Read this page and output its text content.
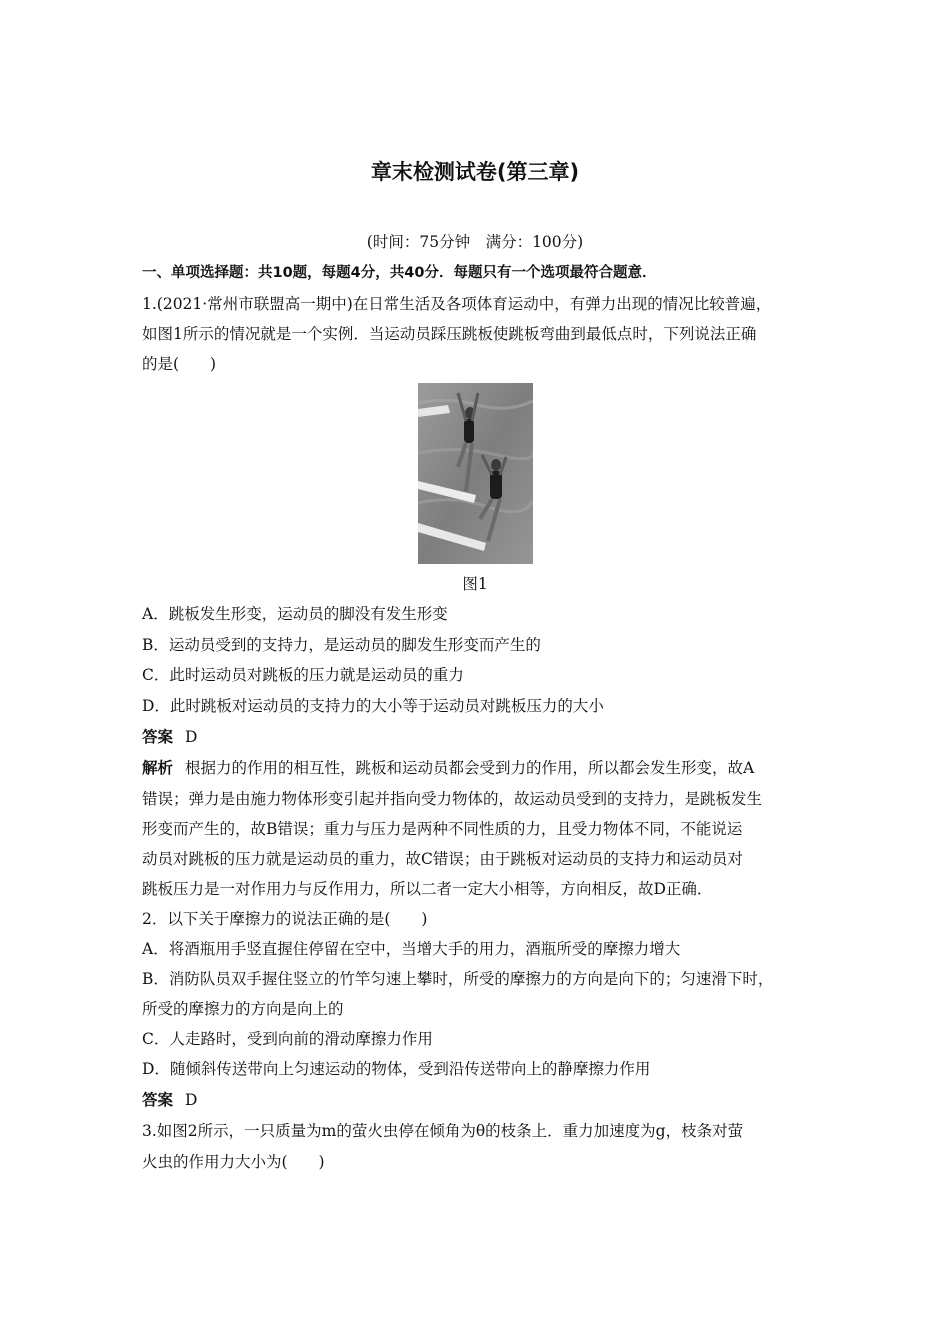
章末检测试卷(第三章)
(时间：75分钟　满分：100分)
一、单项选择题：共10题，每题4分，共40分．每题只有一个选项最符合题意．
1.(2021·常州市联盟高一期中)在日常生活及各项体育运动中，有弹力出现的情况比较普遍，
如图1所示的情况就是一个实例．当运动员踩压跳板使跳板弯曲到最低点时，下列说法正确
的是(　　)
图1
A．跳板发生形变，运动员的脚没有发生形变
B．运动员受到的支持力，是运动员的脚发生形变而产生的
C．此时运动员对跳板的压力就是运动员的重力
D．此时跳板对运动员的支持力的大小等于运动员对跳板压力的大小
答案 D
解析 根据力的作用的相互性，跳板和运动员都会受到力的作用，所以都会发生形变，故A
错误；弹力是由施力物体形变引起并指向受力物体的，故运动员受到的支持力，是跳板发生
形变而产生的，故B错误；重力与压力是两种不同性质的力，且受力物体不同，不能说运
动员对跳板的压力就是运动员的重力，故C错误；由于跳板对运动员的支持力和运动员对
跳板压力是一对作用力与反作用力，所以二者一定大小相等，方向相反，故D正确．
2．以下关于摩擦力的说法正确的是(　　)
A．将酒瓶用手竖直握住停留在空中，当增大手的用力，酒瓶所受的摩擦力增大
B．消防队员双手握住竖立的竹竿匀速上攀时，所受的摩擦力的方向是向下的；匀速滑下时，
所受的摩擦力的方向是向上的
C．人走路时，受到向前的滑动摩擦力作用
D．随倾斜传送带向上匀速运动的物体，受到沿传送带向上的静摩擦力作用
答案 D
3.如图2所示，一只质量为m的萤火虫停在倾角为θ的枝条上．重力加速度为g，枝条对萤
火虫的作用力大小为(　　)
